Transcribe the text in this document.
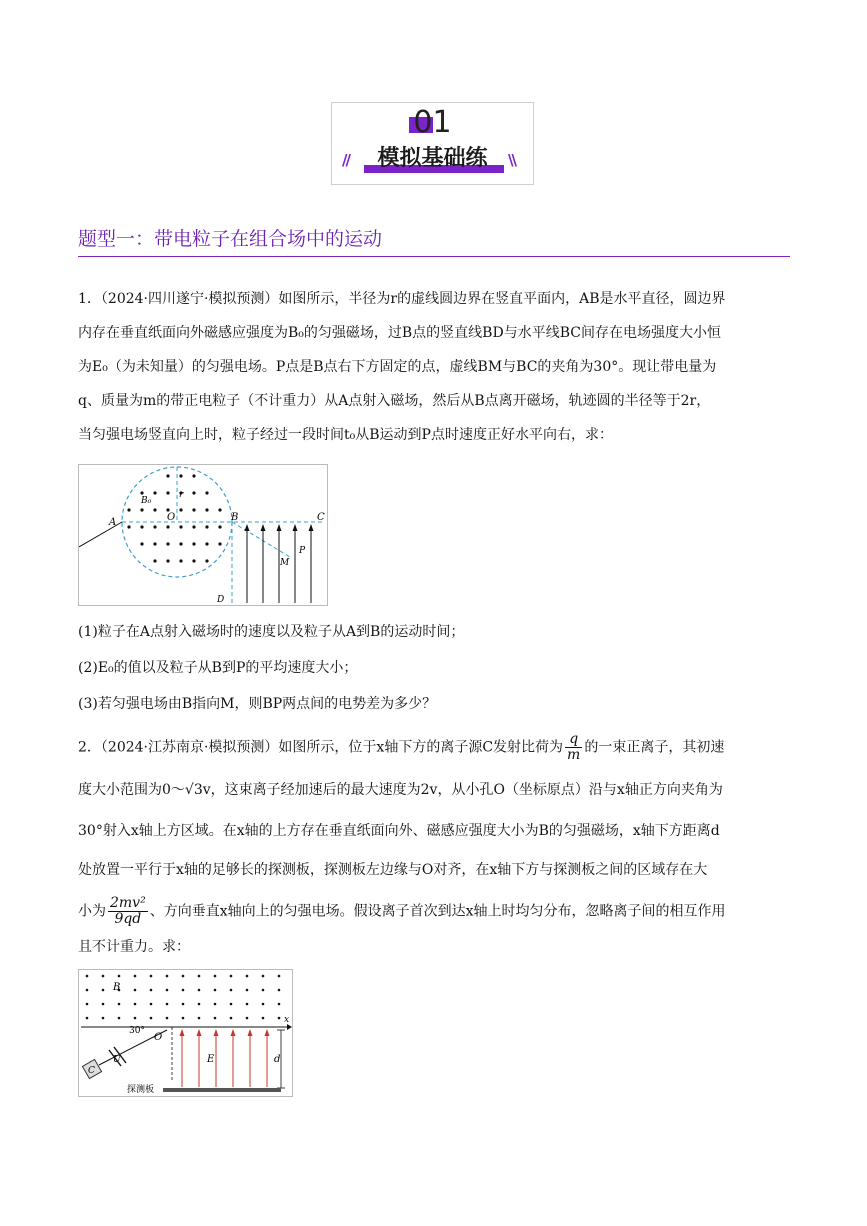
01
//	模拟基础练	\\
题型一：带电粒子在组合场中的运动
1．（2024·四川遂宁·模拟预测）如图所示，半径为r的虚线圆边界在竖直平面内，AB是水平直径，圆边界
内存在垂直纸面向外磁感应强度为B₀的匀强磁场，过B点的竖直线BD与水平线BC间存在电场强度大小恒
为E₀（为未知量）的匀强电场。P点是B点右下方固定的点，虚线BM与BC的夹角为30°。现让带电量为
q、质量为m的带正电粒子（不计重力）从A点射入磁场，然后从B点离开磁场，轨迹圆的半径等于2r，
当匀强电场竖直向上时，粒子经过一段时间t₀从B运动到P点时速度正好水平向右，求：
A
B₀
r
O	B	C
M
P
D
(1)粒子在A点射入磁场时的速度以及粒子从A到B的运动时间；
(2)E₀的值以及粒子从B到P的平均速度大小；
(3)若匀强电场由B指向M，则BP两点间的电势差为多少？
2．（2024·江苏南京·模拟预测）如图所示，位于x轴下方的离子源C发射比荷为 $\frac{q}{m}$ 的一束正离子，其初速
度大小范围为0～√3v，这束离子经加速后的最大速度为2v，从小孔O（坐标原点）沿与x轴正方向夹角为
30°射入x轴上方区域。在x轴的上方存在垂直纸面向外、磁感应强度大小为B的匀强磁场，x轴下方距离d
处放置一平行于x轴的足够长的探测板，探测板左边缘与O对齐，在x轴下方与探测板之间的区域存在大
小为 $\frac{\text{2mv²}}{9qd}$ 、方向垂直x轴向上的匀强电场。假设离子首次到达x轴上时均匀分布，忽略离子间的相互作用
且不计重力。求：
B
x
30°
O
C
U	E	d
探测板
